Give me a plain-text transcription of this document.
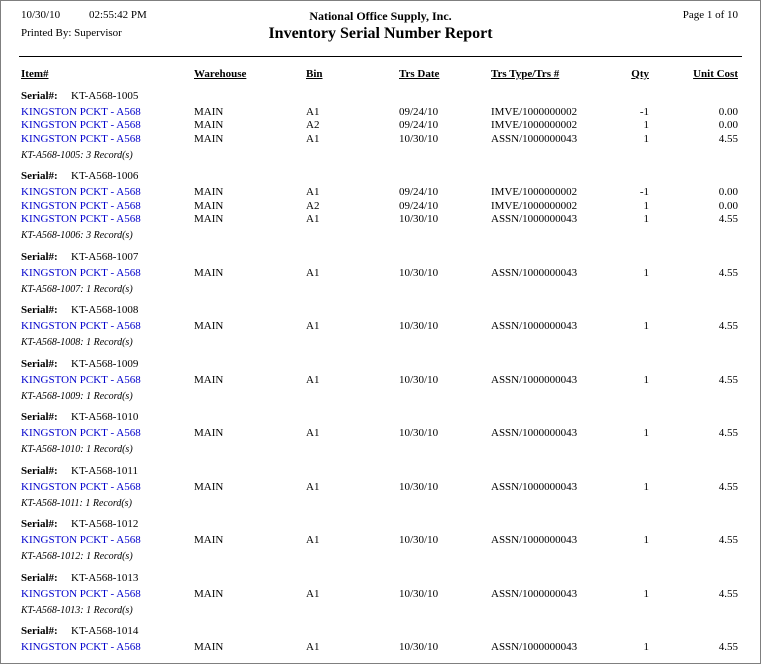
10/30/10	02:55:42 PM	National Office Supply, Inc.	Page 1 of 10
Printed By: Supervisor	Inventory Serial Number Report
Item#	Warehouse	Bin	Trs Date	Trs Type/Trs #	Qty	Unit Cost
Serial#: KT-A568-1005
KINGSTON PCKT - A568	MAIN	A1	09/24/10	IMVE/1000000002	-1	0.00
KINGSTON PCKT - A568	MAIN	A2	09/24/10	IMVE/1000000002	1	0.00
KINGSTON PCKT - A568	MAIN	A1	10/30/10	ASSN/1000000043	1	4.55
KT-A568-1005: 3 Record(s)
Serial#: KT-A568-1006
KINGSTON PCKT - A568	MAIN	A1	09/24/10	IMVE/1000000002	-1	0.00
KINGSTON PCKT - A568	MAIN	A2	09/24/10	IMVE/1000000002	1	0.00
KINGSTON PCKT - A568	MAIN	A1	10/30/10	ASSN/1000000043	1	4.55
KT-A568-1006: 3 Record(s)
Serial#: KT-A568-1007
KINGSTON PCKT - A568	MAIN	A1	10/30/10	ASSN/1000000043	1	4.55
KT-A568-1007: 1 Record(s)
Serial#: KT-A568-1008
KINGSTON PCKT - A568	MAIN	A1	10/30/10	ASSN/1000000043	1	4.55
KT-A568-1008: 1 Record(s)
Serial#: KT-A568-1009
KINGSTON PCKT - A568	MAIN	A1	10/30/10	ASSN/1000000043	1	4.55
KT-A568-1009: 1 Record(s)
Serial#: KT-A568-1010
KINGSTON PCKT - A568	MAIN	A1	10/30/10	ASSN/1000000043	1	4.55
KT-A568-1010: 1 Record(s)
Serial#: KT-A568-1011
KINGSTON PCKT - A568	MAIN	A1	10/30/10	ASSN/1000000043	1	4.55
KT-A568-1011: 1 Record(s)
Serial#: KT-A568-1012
KINGSTON PCKT - A568	MAIN	A1	10/30/10	ASSN/1000000043	1	4.55
KT-A568-1012: 1 Record(s)
Serial#: KT-A568-1013
KINGSTON PCKT - A568	MAIN	A1	10/30/10	ASSN/1000000043	1	4.55
KT-A568-1013: 1 Record(s)
Serial#: KT-A568-1014
KINGSTON PCKT - A568	MAIN	A1	10/30/10	ASSN/1000000043	1	4.55
